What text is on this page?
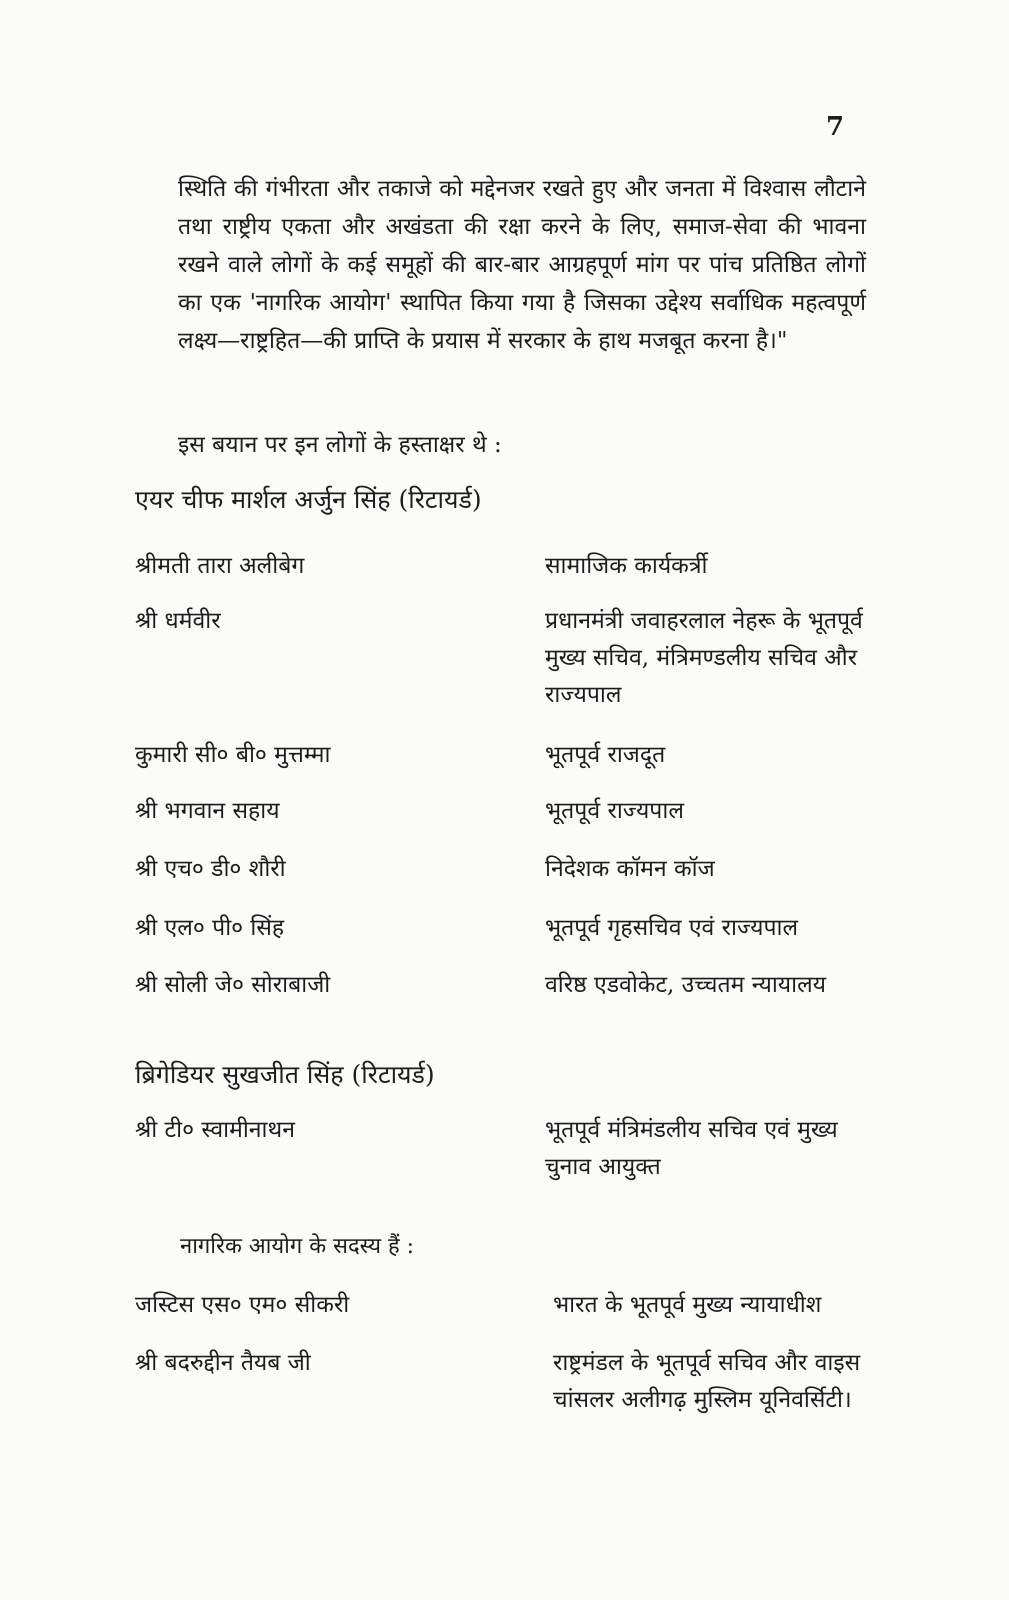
7
स्थिति की गंभीरता और तकाजे को मद्देनजर रखते हुए और जनता में विश्वास लौटाने तथा राष्ट्रीय एकता और अखंडता की रक्षा करने के लिए, समाज-सेवा की भावना रखने वाले लोगों के कई समूहों की बार-बार आग्रहपूर्ण मांग पर पांच प्रतिष्ठित लोगों का एक 'नागरिक आयोग' स्थापित किया गया है जिसका उद्देश्य सर्वाधिक महत्वपूर्ण लक्ष्य—राष्ट्रहित—की प्राप्ति के प्रयास में सरकार के हाथ मजबूत करना है।"
इस बयान पर इन लोगों के हस्ताक्षर थे :
एयर चीफ मार्शल अर्जुन सिंह (रिटायर्ड)
श्रीमती तारा अलीबेग	सामाजिक कार्यकर्त्री
श्री धर्मवीर	प्रधानमंत्री जवाहरलाल नेहरू के भूतपूर्व मुख्य सचिव, मंत्रिमण्डलीय सचिव और राज्यपाल
कुमारी सी० बी० मुत्तम्मा	भूतपूर्व राजदूत
श्री भगवान सहाय	भूतपूर्व राज्यपाल
श्री एच० डी० शौरी	निदेशक कॉमन कॉज
श्री एल० पी० सिंह	भूतपूर्व गृहसचिव एवं राज्यपाल
श्री सोली जे० सोराबाजी	वरिष्ठ एडवोकेट, उच्चतम न्यायालय
ब्रिगेडियर सुखजीत सिंह (रिटायर्ड)
श्री टी० स्वामीनाथन	भूतपूर्व मंत्रिमंडलीय सचिव एवं मुख्य चुनाव आयुक्त
नागरिक आयोग के सदस्य हैं :
जस्टिस एस० एम० सीकरी	भारत के भूतपूर्व मुख्य न्यायाधीश
श्री बदरुद्दीन तैयब जी	राष्ट्रमंडल के भूतपूर्व सचिव और वाइस चांसलर अलीगढ़ मुस्लिम यूनिवर्सिटी।
